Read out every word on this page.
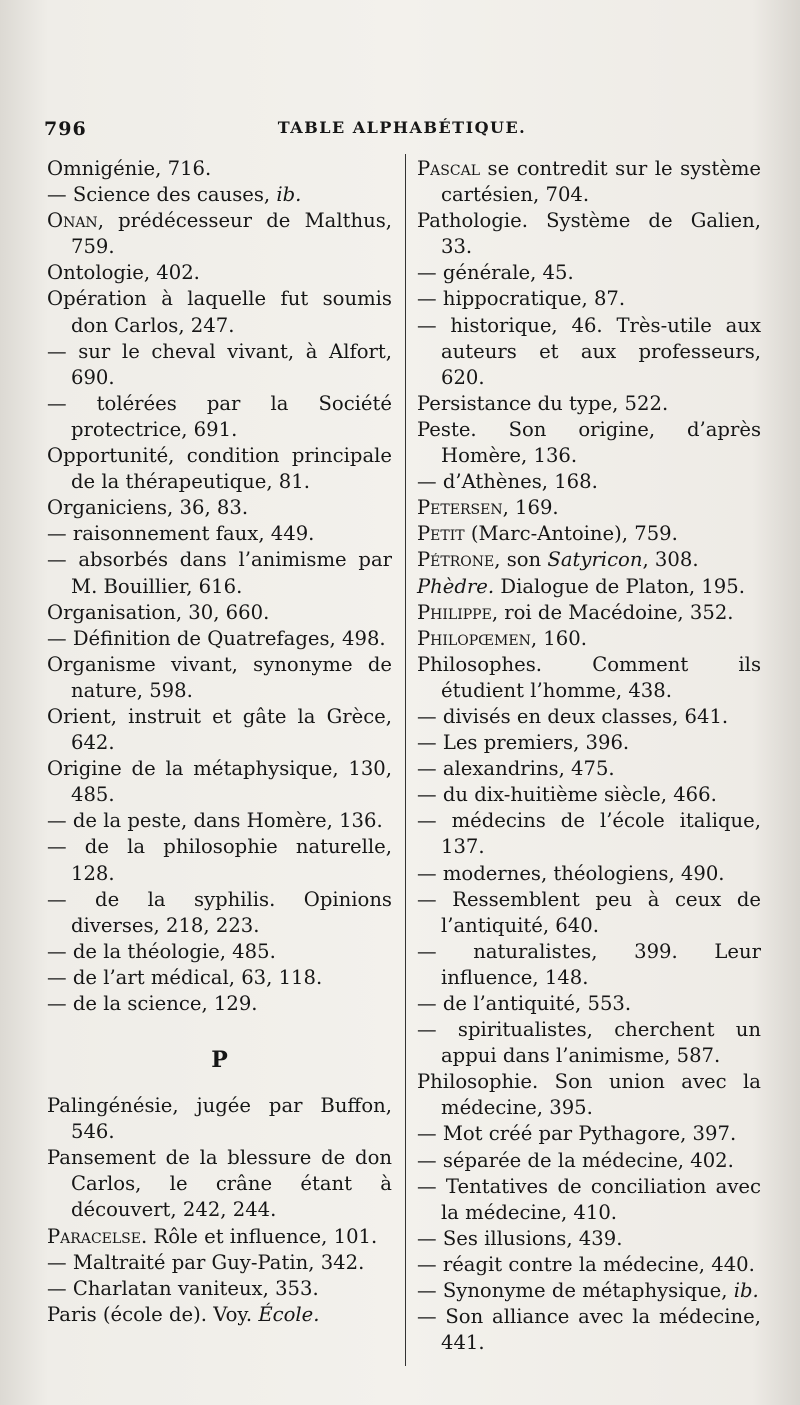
796	TABLE ALPHABÉTIQUE.

Omnigénie, 716.

— Science des causes, ib.

Onan, prédécesseur de Malthus, 759.

Ontologie, 402.

Opération à laquelle fut soumis don Carlos, 247.

— sur le cheval vivant, à Alfort, 690.

— tolérées par la Société protectrice, 691.

Opportunité, condition principale de la thérapeutique, 81.

Organiciens, 36, 83.

— raisonnement faux, 449.

— absorbés dans l’animisme par M. Bouillier, 616.

Organisation, 30, 660.

— Définition de Quatrefages, 498.

Organisme vivant, synonyme de nature, 598.

Orient, instruit et gâte la Grèce, 642.

Origine de la métaphysique, 130, 485.

— de la peste, dans Homère, 136.

— de la philosophie naturelle, 128.

— de la syphilis. Opinions diverses, 218, 223.

— de la théologie, 485.

— de l’art médical, 63, 118.

— de la science, 129.

P

Palingénésie, jugée par Buffon, 546.

Pansement de la blessure de don Carlos, le crâne étant à découvert, 242, 244.

Paracelse. Rôle et influence, 101.

— Maltraité par Guy-Patin, 342.

— Charlatan vaniteux, 353.

Paris (école de). Voy. École.

Pascal se contredit sur le système cartésien, 704.

Pathologie. Système de Galien, 33.

— générale, 45.

— hippocratique, 87.

— historique, 46. Très-utile aux auteurs et aux professeurs, 620.

Persistance du type, 522.

Peste. Son origine, d’après Homère, 136.

— d’Athènes, 168.

Petersen, 169.

Petit (Marc-Antoine), 759.

Pétrone, son Satyricon, 308.

Phèdre. Dialogue de Platon, 195.

Philippe, roi de Macédoine, 352.

Philopœmen, 160.

Philosophes. Comment ils étudient l’homme, 438.

— divisés en deux classes, 641.

— Les premiers, 396.

— alexandrins, 475.

— du dix-huitième siècle, 466.

— médecins de l’école italique, 137.

— modernes, théologiens, 490.

— Ressemblent peu à ceux de l’antiquité, 640.

— naturalistes, 399. Leur influence, 148.

— de l’antiquité, 553.

— spiritualistes, cherchent un appui dans l’animisme, 587.

Philosophie. Son union avec la médecine, 395.

— Mot créé par Pythagore, 397.

— séparée de la médecine, 402.

— Tentatives de conciliation avec la médecine, 410.

— Ses illusions, 439.

— réagit contre la médecine, 440.

— Synonyme de métaphysique, ib.

— Son alliance avec la médecine, 441.
